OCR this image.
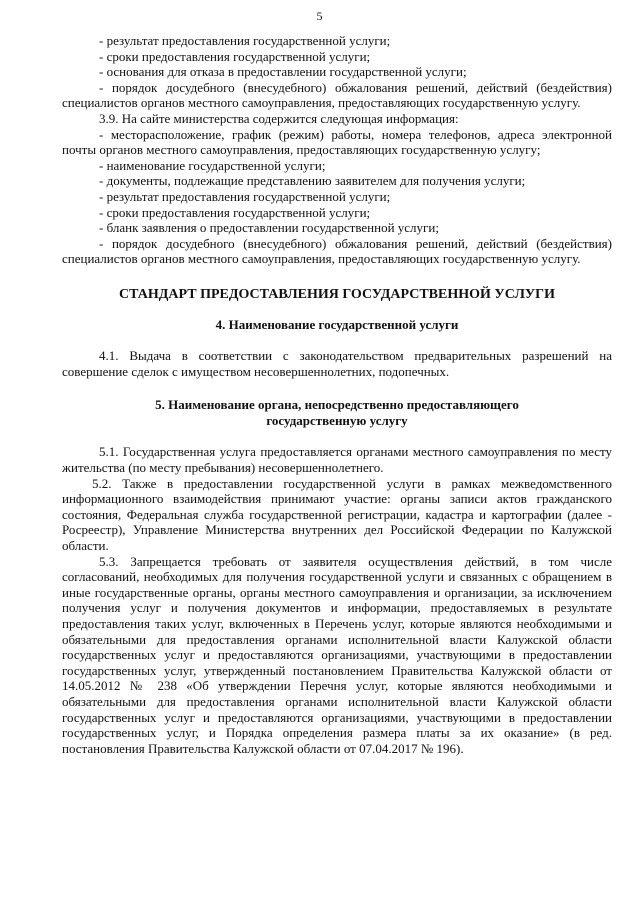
5

- результат предоставления государственной услуги;

- сроки предоставления государственной услуги;

- основания для отказа в предоставлении государственной услуги;

- порядок досудебного (внесудебного) обжалования решений, действий (бездействия) специалистов органов местного самоуправления, предоставляющих государственную услугу.

3.9. На сайте министерства содержится следующая информация:

- месторасположение, график (режим) работы, номера телефонов, адреса электронной почты органов местного самоуправления, предоставляющих государственную услугу;

- наименование государственной услуги;

- документы, подлежащие представлению заявителем для получения услуги;

- результат предоставления государственной услуги;

- сроки предоставления государственной услуги;

- бланк заявления о предоставлении государственной услуги;

- порядок досудебного (внесудебного) обжалования решений, действий (бездействия) специалистов органов местного самоуправления, предоставляющих государственную услугу.

СТАНДАРТ ПРЕДОСТАВЛЕНИЯ ГОСУДАРСТВЕННОЙ УСЛУГИ
4. Наименование государственной услуги

4.1. Выдача в соответствии с законодательством предварительных разрешений на совершение сделок с имуществом несовершеннолетних, подопечных.

5. Наименование органа, непосредственно предоставляющего
государственную услугу

5.1. Государственная услуга предоставляется органами местного самоуправления по месту жительства (по месту пребывания) несовершеннолетнего.

5.2. Также в предоставлении государственной услуги в рамках межведомственного информационного взаимодействия принимают участие: органы записи актов гражданского состояния, Федеральная служба государственной регистрации, кадастра и картографии (далее - Росреестр), Управление Министерства внутренних дел Российской Федерации по Калужской области.

5.3. Запрещается требовать от заявителя осуществления действий, в том числе согласований, необходимых для получения государственной услуги и связанных с обращением в иные государственные органы, органы местного самоуправления и организации, за исключением получения услуг и получения документов и информации, предоставляемых в результате предоставления таких услуг, включенных в Перечень услуг, которые являются необходимыми и обязательными для предоставления органами исполнительной власти Калужской области государственных услуг и предоставляются организациями, участвующими в предоставлении государственных услуг, утвержденный постановлением Правительства Калужской области от 14.05.2012 № 238 «Об утверждении Перечня услуг, которые являются необходимыми и обязательными для предоставления органами исполнительной власти Калужской области государственных услуг и предоставляются организациями, участвующими в предоставлении государственных услуг, и Порядка определения размера платы за их оказание» (в ред. постановления Правительства Калужской области от 07.04.2017 № 196).
